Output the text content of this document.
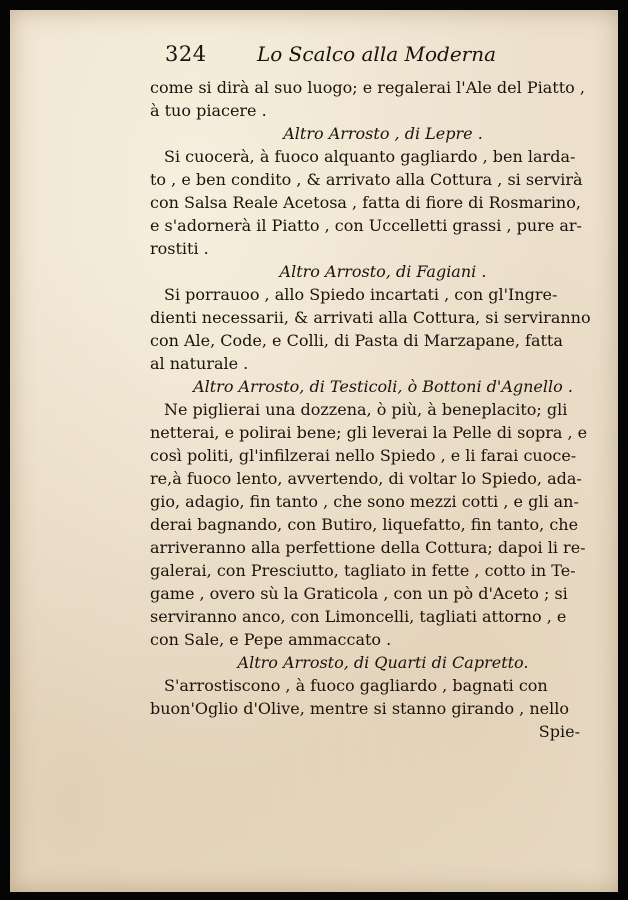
324	Lo Scalco alla Moderna
come si dirà al suo luogo; e regalerai l'Ale del Piatto ,
à tuo piacere .
Altro Arrosto , di Lepre .
Si cuocerà, à fuoco alquanto gagliardo , ben larda-
to , e ben condito , & arrivato alla Cottura , si servirà
con Salsa Reale Acetosa , fatta di fiore di Rosmarino,
e s'adornerà il Piatto , con Uccelletti grassi , pure ar-
rostiti .
Altro Arrosto, di Fagiani .
Si porrauoo , allo Spiedo incartati , con gl'Ingre-
dienti necessarii, & arrivati alla Cottura, si serviranno
con Ale, Code, e Colli, di Pasta di Marzapane, fatta
al naturale .
Altro Arrosto, di Testicoli, ò Bottoni d'Agnello .
Ne piglierai una dozzena, ò più, à beneplacito; gli
netterai, e polirai bene; gli leverai la Pelle di sopra , e
così politi, gl'infilzerai nello Spiedo , e li farai cuoce-
re,à fuoco lento, avvertendo, di voltar lo Spiedo, ada-
gio, adagio, fin tanto , che sono mezzi cotti , e gli an-
derai bagnando, con Butiro, liquefatto, fin tanto, che
arriveranno alla perfettione della Cottura; dapoi li re-
galerai, con Presciutto, tagliato in fette , cotto in Te-
game , overo sù la Graticola , con un pò d'Aceto ; si
serviranno anco, con Limoncelli, tagliati attorno , e
con Sale, e Pepe ammaccato .
Altro Arrosto, di Quarti di Capretto.
S'arrostiscono , à fuoco gagliardo , bagnati con
buon'Oglio d'Olive, mentre si stanno girando , nello
Spie-
